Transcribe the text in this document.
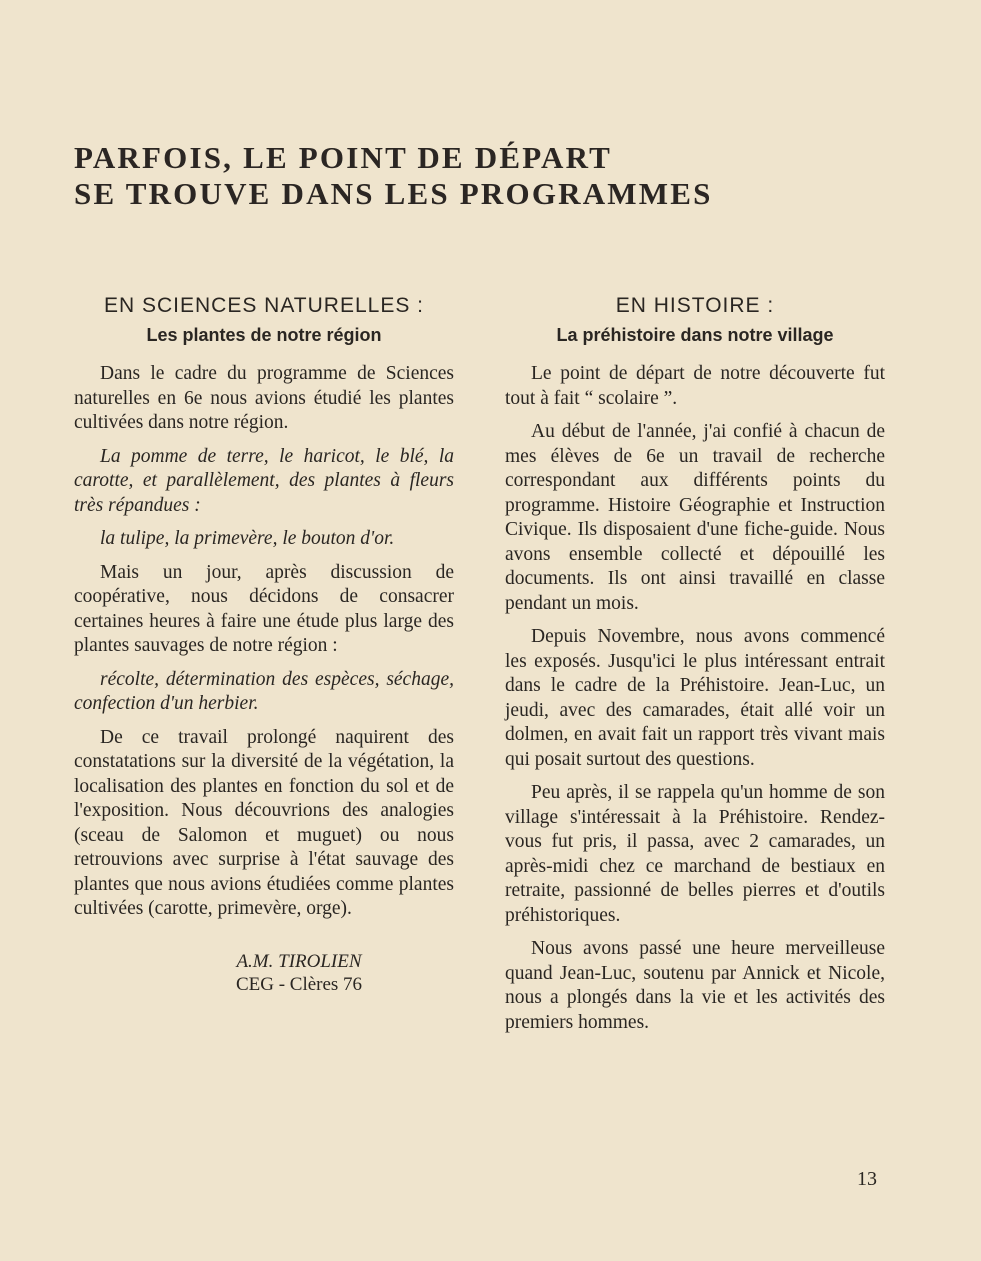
PARFOIS, LE POINT DE DÉPART
SE TROUVE DANS LES PROGRAMMES
EN SCIENCES NATURELLES :
Les plantes de notre région

Dans le cadre du programme de Sciences naturelles en 6e nous avions étudié les plantes cultivées dans notre région.

La pomme de terre, le haricot, le blé, la carotte, et parallèlement, des plantes à fleurs très répandues :

la tulipe, la primevère, le bouton d'or.

Mais un jour, après discussion de coopérative, nous décidons de consacrer certaines heures à faire une étude plus large des plantes sauvages de notre région :

récolte, détermination des espèces, séchage, confection d'un herbier.

De ce travail prolongé naquirent des constatations sur la diversité de la végétation, la localisation des plantes en fonction du sol et de l'exposition. Nous découvrions des analogies (sceau de Salomon et muguet) ou nous retrouvions avec surprise à l'état sauvage des plantes que nous avions étudiées comme plantes cultivées (carotte, primevère, orge).

A.M. TIROLIEN
CEG - Clères 76
EN HISTOIRE :
La préhistoire dans notre village

Le point de départ de notre découverte fut tout à fait “ scolaire ”.

Au début de l'année, j'ai confié à chacun de mes élèves de 6e un travail de recherche correspondant aux différents points du programme. Histoire Géographie et Instruction Civique. Ils disposaient d'une fiche-guide. Nous avons ensemble collecté et dépouillé les documents. Ils ont ainsi travaillé en classe pendant un mois.

Depuis Novembre, nous avons commencé les exposés. Jusqu'ici le plus intéressant entrait dans le cadre de la Préhistoire. Jean-Luc, un jeudi, avec des camarades, était allé voir un dolmen, en avait fait un rapport très vivant mais qui posait surtout des questions.

Peu après, il se rappela qu'un homme de son village s'intéressait à la Préhistoire. Rendez-vous fut pris, il passa, avec 2 camarades, un après-midi chez ce marchand de bestiaux en retraite, passionné de belles pierres et d'outils préhistoriques.

Nous avons passé une heure merveilleuse quand Jean-Luc, soutenu par Annick et Nicole, nous a plongés dans la vie et les activités des premiers hommes.

13
